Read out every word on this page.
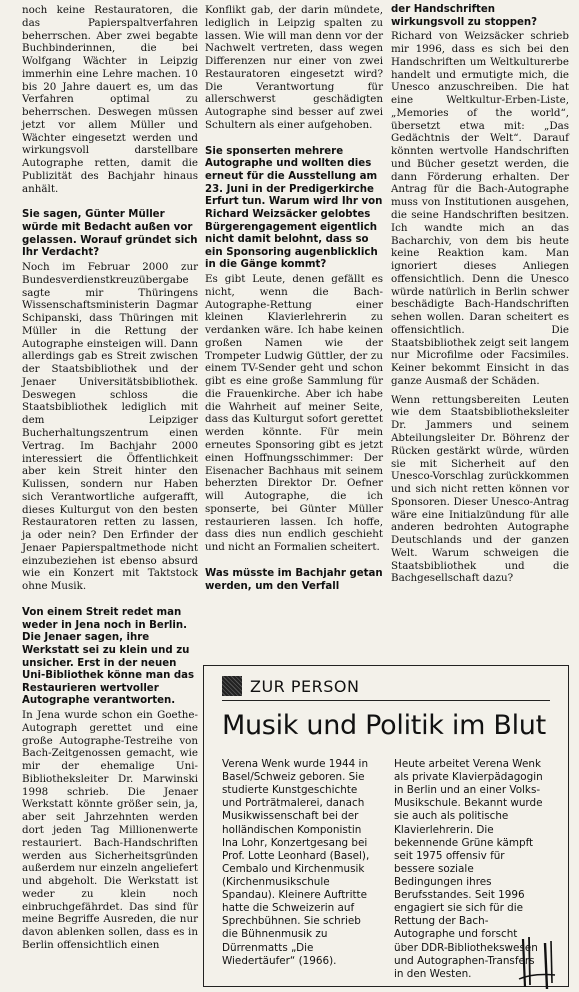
noch keine Restauratoren, die das Papierspaltverfahren beherrschen. Aber zwei begabte Buchbinderinnen, die bei Wolfgang Wächter in Leipzig immerhin eine Lehre machen. 10 bis 20 Jahre dauert es, um das Verfahren optimal zu beherrschen. Deswegen müssen jetzt vor allem Müller und Wächter eingesetzt werden und wirkungsvoll darstellbare Autographe retten, damit die Publizität des Bachjahr hinaus anhält.

Sie sagen, Günter Müller würde mit Bedacht außen vor gelassen. Worauf gründet sich Ihr Verdacht?

Noch im Februar 2000 zur Bundesverdienstkreuzübergabe sagte mir Thüringens Wissenschaftsministerin Dagmar Schipanski, dass Thüringen mit Müller in die Rettung der Autographe einsteigen will. Dann allerdings gab es Streit zwischen der Staatsbibliothek und der Jenaer Universitätsbibliothek. Deswegen schloss die Staatsbibliothek lediglich mit dem Leipziger Bucherhaltungszentrum einen Vertrag. Im Bachjahr 2000 interessiert die Öffentlichkeit aber kein Streit hinter den Kulissen, sondern nur Haben sich Verantwortliche aufgerafft, dieses Kulturgut von den besten Restauratoren retten zu lassen, ja oder nein? Den Erfinder der Jenaer Papierspaltmethode nicht einzubeziehen ist ebenso absurd wie ein Konzert mit Taktstock ohne Musik.

Von einem Streit redet man weder in Jena noch in Berlin. Die Jenaer sagen, ihre Werkstatt sei zu klein und zu unsicher. Erst in der neuen Uni-Bibliothek könne man das Restaurieren wertvoller Autographe verantworten.

In Jena wurde schon ein Goethe-Autograph gerettet und eine große Autographe-Testreihe von Bach-Zeitgenossen gemacht, wie mir der ehemalige Uni-Bibliotheksleiter Dr. Marwinski 1998 schrieb. Die Jenaer Werkstatt könnte größer sein, ja, aber seit Jahrzehnten werden dort jeden Tag Millionenwerte restauriert. Bach-Handschriften werden aus Sicherheitsgründen außerdem nur einzeln angeliefert und abgeholt. Die Werkstatt ist weder zu klein noch einbruchgefährdet. Das sind für meine Begriffe Ausreden, die nur davon ablenken sollen, dass es in Berlin offensichtlich einen

Konflikt gab, der darin mündete, lediglich in Leipzig spalten zu lassen. Wie will man denn vor der Nachwelt vertreten, dass wegen Differenzen nur einer von zwei Restauratoren eingesetzt wird? Die Verantwortung für allerschwerst geschädigten Autographe sind besser auf zwei Schultern als einer aufgehoben.

Sie sponserten mehrere Autographe und wollten dies erneut für die Ausstellung am 23. Juni in der Predigerkirche Erfurt tun. Warum wird Ihr von Richard Weizsäcker gelobtes Bürgerengagement eigentlich nicht damit belohnt, dass so ein Sponsoring augenblicklich in die Gänge kommt?

Es gibt Leute, denen gefällt es nicht, wenn die Bach-Autographe-Rettung einer kleinen Klavierlehrerin zu verdanken wäre. Ich habe keinen großen Namen wie der Trompeter Ludwig Güttler, der zu einem TV-Sender geht und schon gibt es eine große Sammlung für die Frauenkirche. Aber ich habe die Wahrheit auf meiner Seite, dass das Kulturgut sofort gerettet werden könnte. Für mein erneutes Sponsoring gibt es jetzt einen Hoffnungsschimmer: Der Eisenacher Bachhaus mit seinem beherzten Direktor Dr. Oefner will Autographe, die ich sponserte, bei Günter Müller restaurieren lassen. Ich hoffe, dass dies nun endlich geschieht und nicht an Formalien scheitert.

Was müsste im Bachjahr getan werden, um den Verfall
der Handschriften wirkungsvoll zu stoppen?

Richard von Weizsäcker schrieb mir 1996, dass es sich bei den Handschriften um Weltkulturerbe handelt und ermutigte mich, die Unesco anzuschreiben. Die hat eine Weltkultur-Erben-Liste, „Memories of the world“, übersetzt etwa mit: „Das Gedächtnis der Welt“. Darauf könnten wertvolle Handschriften und Bücher gesetzt werden, die dann Förderung erhalten. Der Antrag für die Bach-Autographe muss von Institutionen ausgehen, die seine Handschriften besitzen. Ich wandte mich an das Bacharchiv, von dem bis heute keine Reaktion kam. Man ignoriert dieses Anliegen offensichtlich. Denn die Unesco würde natürlich in Berlin schwer beschädigte Bach-Handschriften sehen wollen. Daran scheitert es offensichtlich. Die Staatsbibliothek zeigt seit langem nur Microfilme oder Facsimiles. Keiner bekommt Einsicht in das ganze Ausmaß der Schäden.

Wenn rettungsbereiten Leuten wie dem Staatsbibliotheksleiter Dr. Jammers und seinem Abteilungsleiter Dr. Böhrenz der Rücken gestärkt würde, würden sie mit Sicherheit auf den Unesco-Vorschlag zurückkommen und sich nicht retten können vor Sponsoren. Dieser Unesco-Antrag wäre eine Initialzündung für alle anderen bedrohten Autographe Deutschlands und der ganzen Welt. Warum schweigen die Staatsbibliothek und die Bachgesellschaft dazu?

ZUR PERSON
Musik und Politik im Blut

Verena Wenk wurde 1944 in Basel/Schweiz geboren. Sie studierte Kunstgeschichte und Porträtmalerei, danach Musikwissenschaft bei der holländischen Komponistin Ina Lohr, Konzertgesang bei Prof. Lotte Leonhard (Basel), Cembalo und Kirchenmusik (Kirchenmusikschule Spandau). Kleinere Auftritte hatte die Schweizerin auf Sprechbühnen. Sie schrieb die Bühnenmusik zu Dürrenmatts „Die Wiedertäufer“ (1966).

Heute arbeitet Verena Wenk als private Klavierpädagogin in Berlin und an einer Volks-Musikschule. Bekannt wurde sie auch als politische Klavierlehrerin. Die bekennende Grüne kämpft seit 1975 offensiv für bessere soziale Bedingungen ihres Berufsstandes. Seit 1996 engagiert sie sich für die Rettung der Bach-Autographe und forscht über DDR-Bibliothekswesen und Autographen-Transfers in den Westen.
